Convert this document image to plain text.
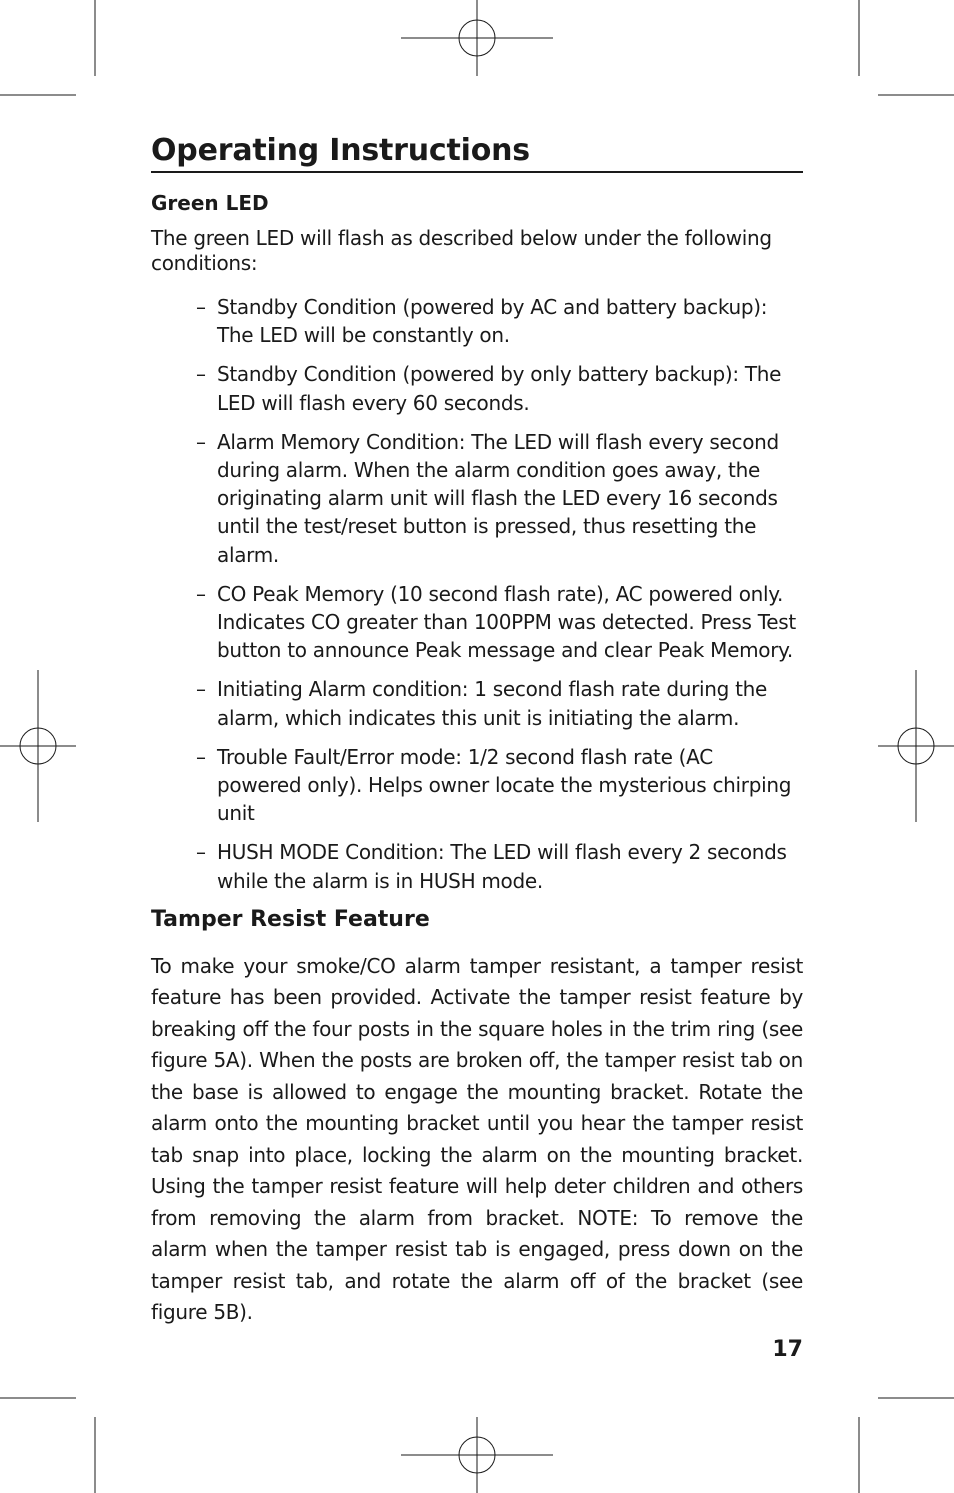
Operating Instructions
Green LED

The green LED will flash as described below under the following conditions:

– Standby Condition (powered by AC and battery backup): The LED will be constantly on.
– Standby Condition (powered by only battery backup): The LED will flash every 60 seconds.
– Alarm Memory Condition: The LED will flash every second during alarm. When the alarm condition goes away, the originating alarm unit will flash the LED every 16 seconds until the test/reset button is pressed, thus resetting the alarm.
– CO Peak Memory (10 second flash rate), AC powered only. Indicates CO greater than 100PPM was detected. Press Test button to announce Peak message and clear Peak Memory.
– Initiating Alarm condition: 1 second flash rate during the alarm, which indicates this unit is initiating the alarm.
– Trouble Fault/Error mode: 1/2 second flash rate (AC powered only). Helps owner locate the mysterious chirping unit
– HUSH MODE Condition: The LED will flash every 2 seconds while the alarm is in HUSH mode.
Tamper Resist Feature

To make your smoke/CO alarm tamper resistant, a tamper resist feature has been provided. Activate the tamper resist feature by breaking off the four posts in the square holes in the trim ring (see figure 5A). When the posts are broken off, the tamper resist tab on the base is allowed to engage the mounting bracket. Rotate the alarm onto the mounting bracket until you hear the tamper resist tab snap into place, locking the alarm on the mounting bracket. Using the tamper resist feature will help deter children and others from removing the alarm from bracket. NOTE: To remove the alarm when the tamper resist tab is engaged, press down on the tamper resist tab, and rotate the alarm off of the bracket (see figure 5B).

17
